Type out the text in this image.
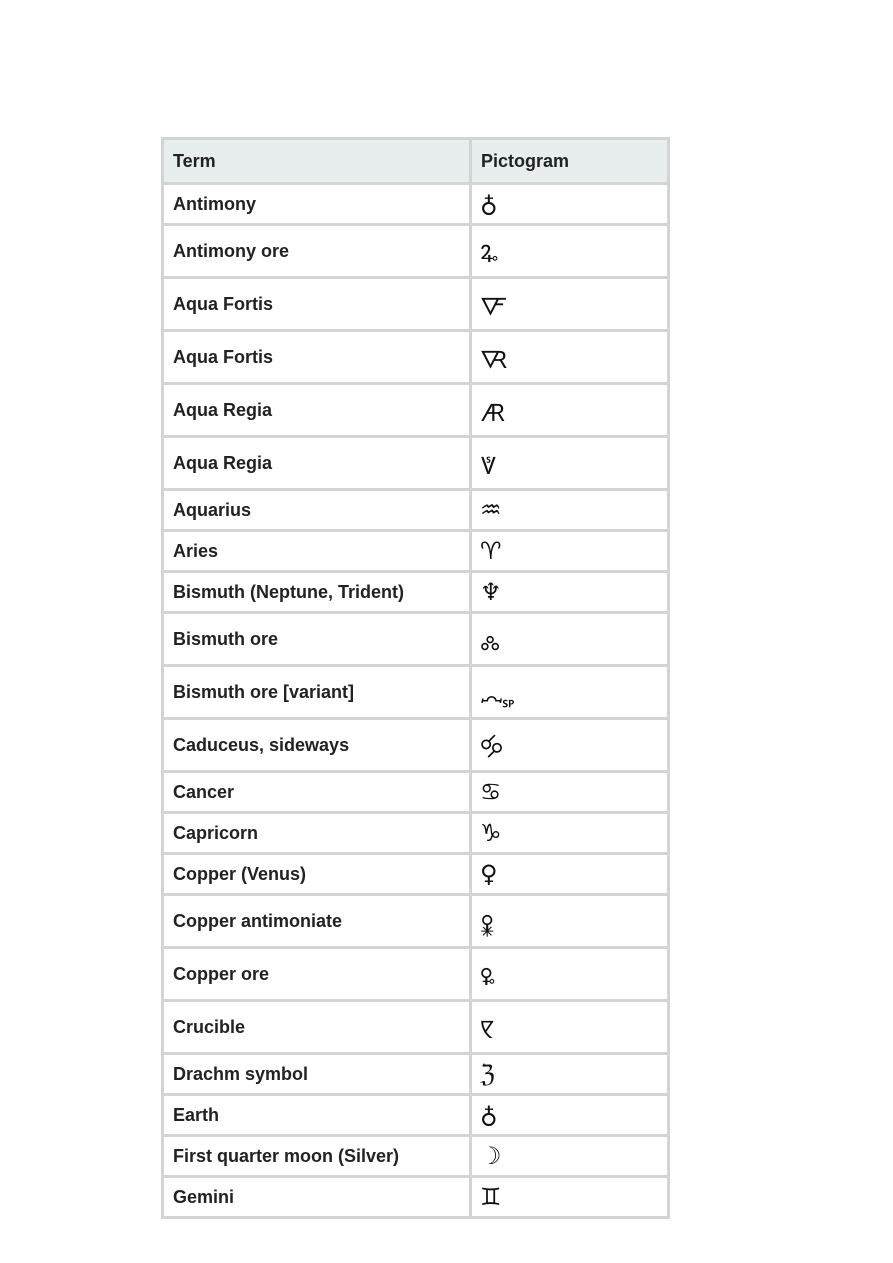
Term	Pictogram
Antimony	♁
Antimony ore	🜩
Aqua Fortis	🜅
Aqua Fortis	🜆
Aqua Regia	🜇
Aqua Regia	🜈
Aquarius	♒
Aries	♈
Bismuth (Neptune, Trident)	♆
Bismuth ore	🝆
Bismuth ore [variant]	🝇
Caduceus, sideways	🝰
Cancer	♋
Capricorn	♑
Copper (Venus)	♀
Copper antimoniate	🜢
Copper ore	🜠
Crucible	🝥
Drachm symbol	ℨ
Earth	♁
First quarter moon (Silver)	☽
Gemini	♊
